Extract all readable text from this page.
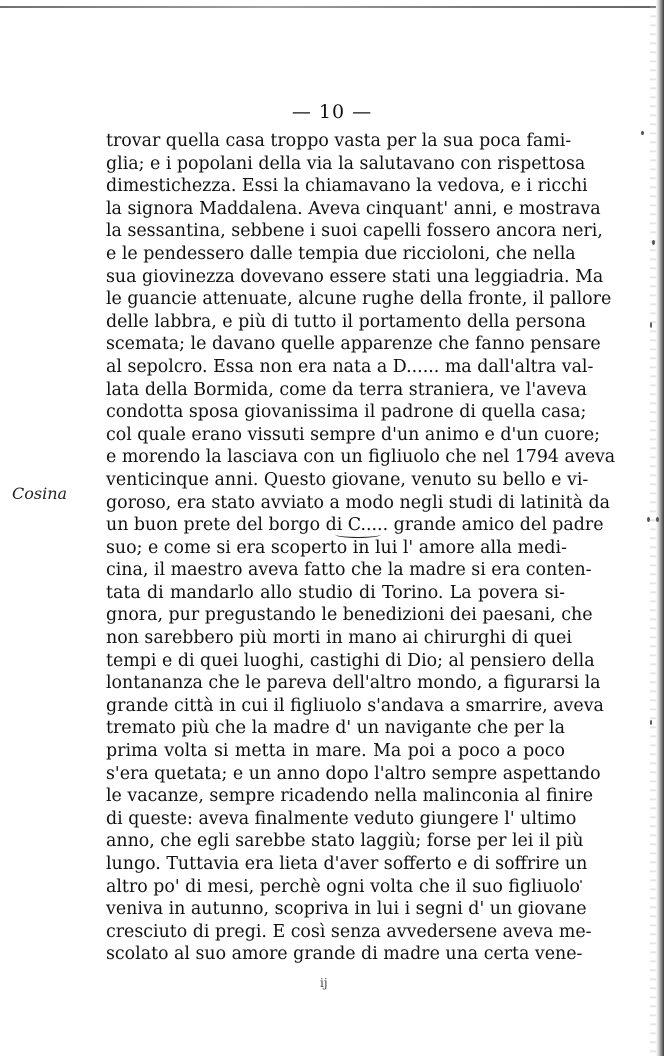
— 10 —
Cosina
trovar quella casa troppo vasta per la sua poca fami-
glia; e i popolani della via la salutavano con rispettosa
dimestichezza. Essi la chiamavano la vedova, e i ricchi
la signora Maddalena. Aveva cinquant' anni, e mostrava
la sessantina, sebbene i suoi capelli fossero ancora neri,
e le pendessero dalle tempia due riccioloni, che nella
sua giovinezza dovevano essere stati una leggiadria. Ma
le guancie attenuate, alcune rughe della fronte, il pallore
delle labbra, e più di tutto il portamento della persona
scemata; le davano quelle apparenze che fanno pensare
al sepolcro. Essa non era nata a D...... ma dall'altra val-
lata della Bormida, come da terra straniera, ve l'aveva
condotta sposa giovanissima il padrone di quella casa;
col quale erano vissuti sempre d'un animo e d'un cuore;
e morendo la lasciava con un figliuolo che nel 1794 aveva
venticinque anni. Questo giovane, venuto su bello e vi-
goroso, era stato avviato a modo negli studi di latinità da
un buon prete del borgo di C..... grande amico del padre
suo; e come si era scoperto in lui l' amore alla medi-
cina, il maestro aveva fatto che la madre si era conten-
tata di mandarlo allo studio di Torino. La povera si-
gnora, pur pregustando le benedizioni dei paesani, che
non sarebbero più morti in mano ai chirurghi di quei
tempi e di quei luoghi, castighi di Dio; al pensiero della
lontananza che le pareva dell'altro mondo, a figurarsi la
grande città in cui il figliuolo s'andava a smarrire, aveva
tremato più che la madre d' un navigante che per la
prima volta si metta in mare. Ma poi a poco a poco
s'era quetata; e un anno dopo l'altro sempre aspettando
le vacanze, sempre ricadendo nella malinconia al finire
di queste: aveva finalmente veduto giungere l' ultimo
anno, che egli sarebbe stato laggiù; forse per lei il più
lungo. Tuttavia era lieta d'aver sofferto e di soffrire un
altro po' di mesi, perchè ogni volta che il suo figliuolo
veniva in autunno, scopriva in lui i segni d' un giovane
cresciuto di pregi. E così senza avvedersene aveva me-
scolato al suo amore grande di madre una certa vene-
ij
